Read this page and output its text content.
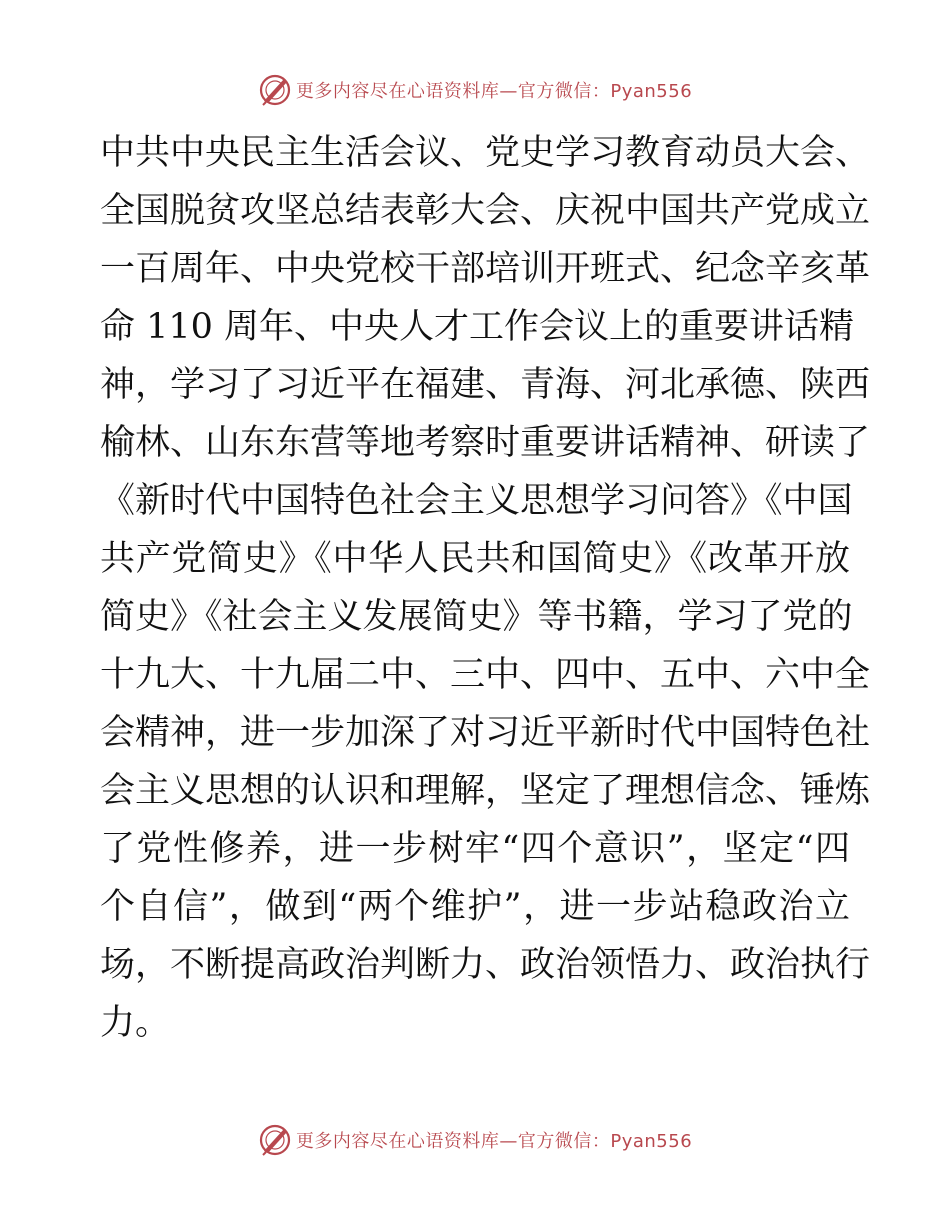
更多内容尽在心语资料库—官方微信：Pyan556
中共中央民主生活会议、党史学习教育动员大会、
全国脱贫攻坚总结表彰大会、庆祝中国共产党成立
一百周年、中央党校干部培训开班式、纪念辛亥革
命 110 周年、中央人才工作会议上的重要讲话精
神，学习了习近平在福建、青海、河北承德、陕西
榆林、山东东营等地考察时重要讲话精神、研读了
《新时代中国特色社会主义思想学习问答》《中国
共产党简史》《中华人民共和国简史》《改革开放
简史》《社会主义发展简史》等书籍，学习了党的
十九大、十九届二中、三中、四中、五中、六中全
会精神，进一步加深了对习近平新时代中国特色社
会主义思想的认识和理解，坚定了理想信念、锤炼
了党性修养，进一步树牢“四个意识”，坚定“四
个自信”，做到“两个维护”，进一步站稳政治立
场，不断提高政治判断力、政治领悟力、政治执行
力。
更多内容尽在心语资料库—官方微信：Pyan556
